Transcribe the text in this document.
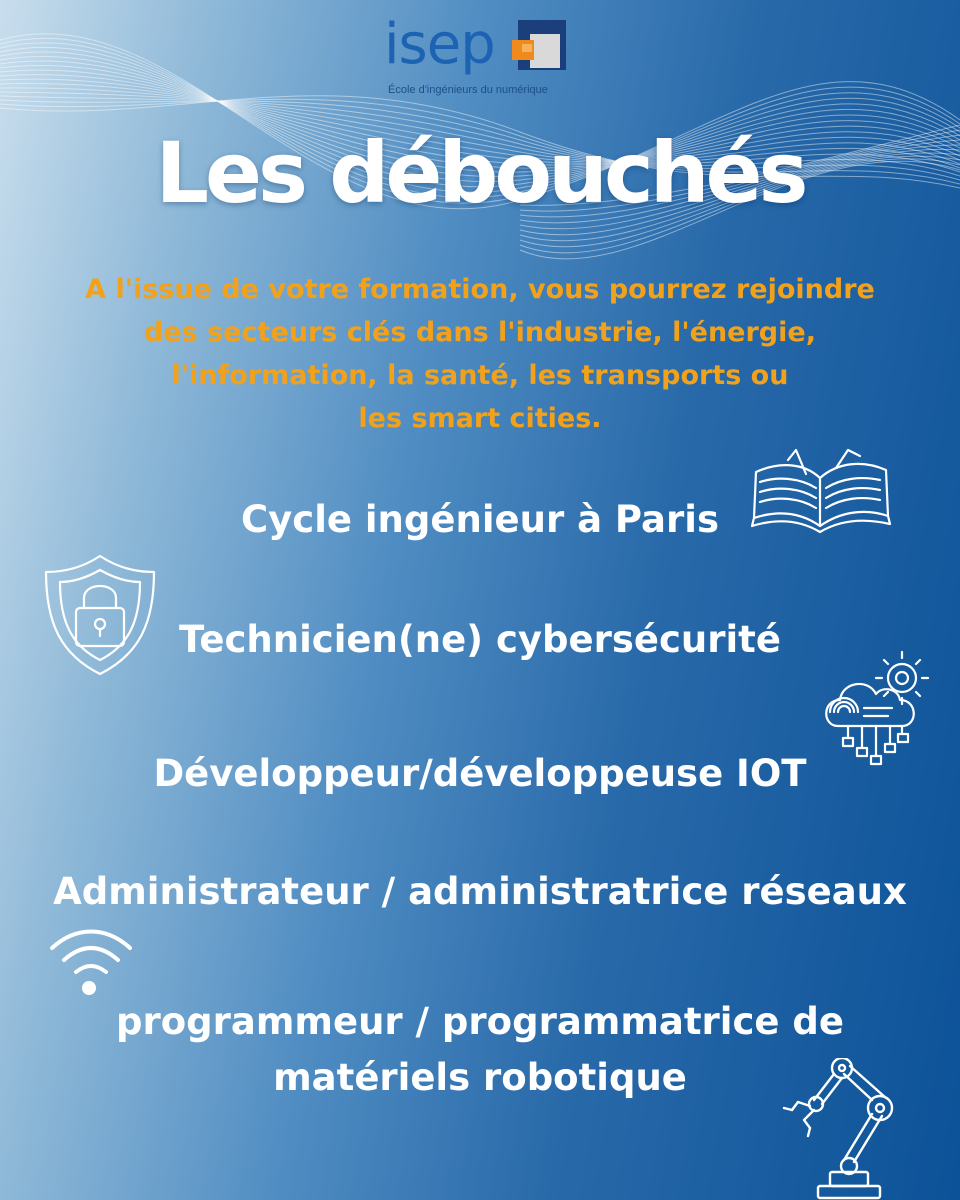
isep
École d'ingénieurs du numérique
Les débouchés
A l'issue de votre formation, vous pourrez rejoindre
des secteurs clés dans l'industrie, l'énergie,
l'information, la santé, les transports ou
les smart cities.
Cycle ingénieur à Paris
Technicien(ne) cybersécurité
Développeur/développeuse IOT
Administrateur / administratrice réseaux
programmeur / programmatrice de
matériels robotique
